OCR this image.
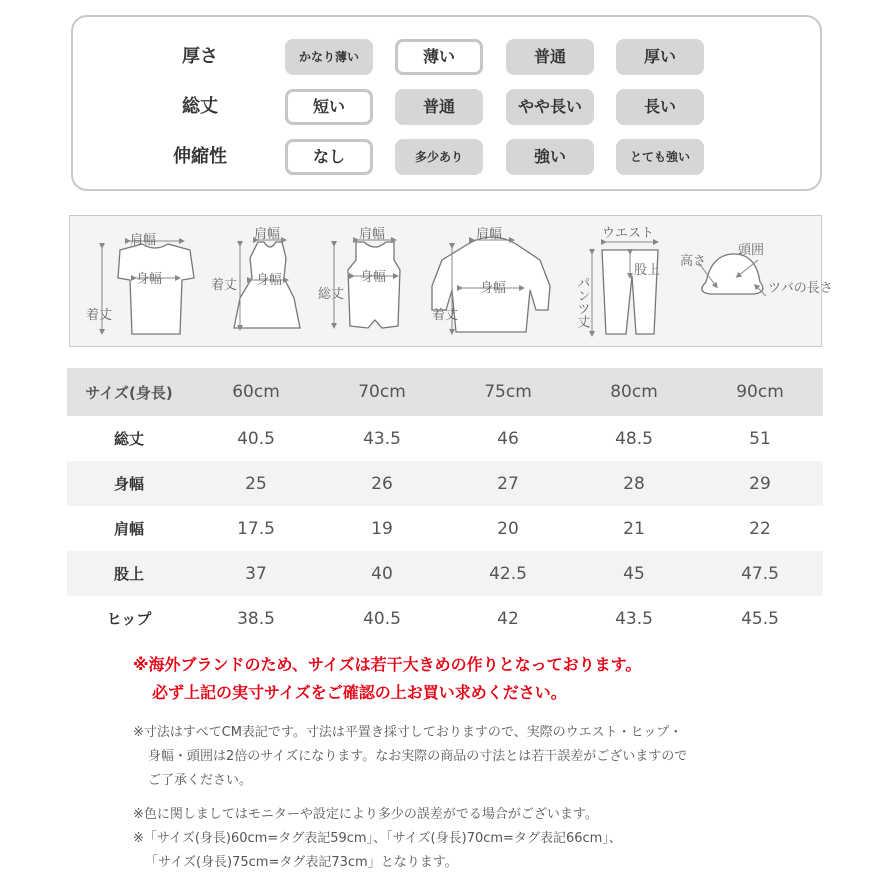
厚さ	かなり薄い	薄い	普通	厚い
総丈	短い	普通	やや長い	長い
伸縮性	なし	多少あり	強い	とても強い
肩幅
身幅
着丈
肩幅
身幅
着丈
肩幅
身幅
総丈
肩幅
身幅
着丈
ウエスト
股上
パンツ丈
高さ
頭囲
ツバの長さ
サイズ(身長)	60cm	70cm	75cm	80cm	90cm
総丈	40.5	43.5	46	48.5	51
身幅	25	26	27	28	29
肩幅	17.5	19	20	21	22
股上	37	40	42.5	45	47.5
ヒップ	38.5	40.5	42	43.5	45.5
※海外ブランドのため、サイズは若干大きめの作りとなっております。
必ず上記の実寸サイズをご確認の上お買い求めください。
※寸法はすべてCM表記です。寸法は平置き採寸しておりますので、実際のウエスト・ヒップ・
身幅・頭囲は2倍のサイズになります。なお実際の商品の寸法とは若干誤差がございますので
ご了承ください。
※色に関しましてはモニターや設定により多少の誤差がでる場合がございます。
※「サイズ(身長)60cm=タグ表記59cm」、「サイズ(身長)70cm=タグ表記66cm」、
「サイズ(身長)75cm=タグ表記73cm」となります。
